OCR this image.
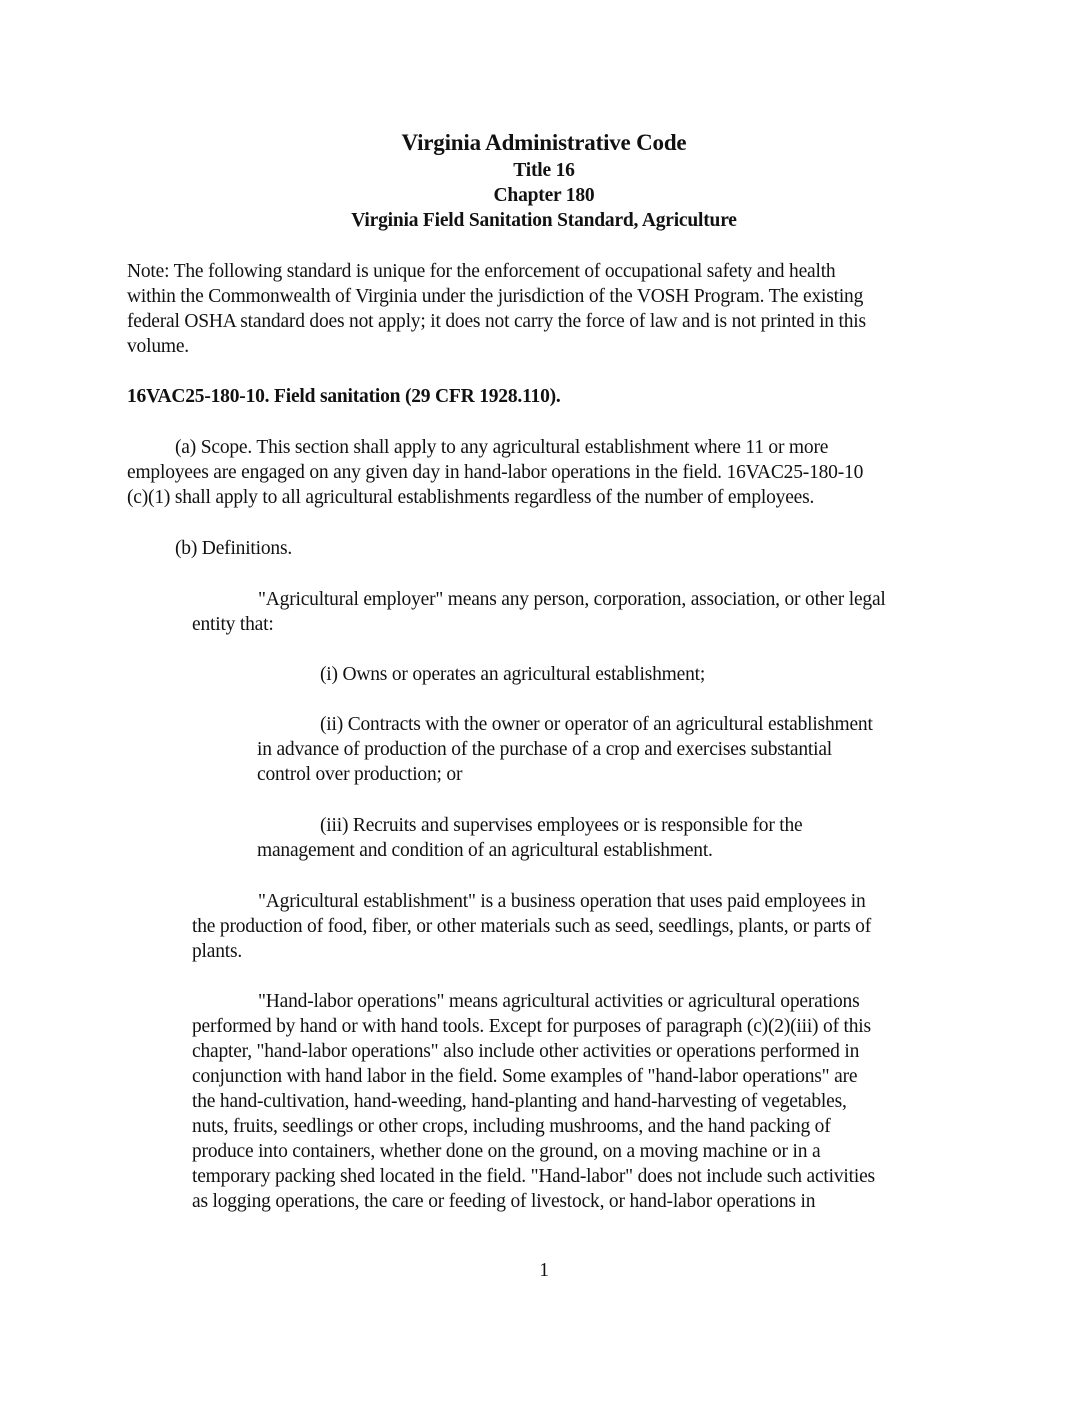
Virginia Administrative Code
Title 16
Chapter 180
Virginia Field Sanitation Standard, Agriculture
Note: The following standard is unique for the enforcement of occupational safety and health
within the Commonwealth of Virginia under the jurisdiction of the VOSH Program. The existing
federal OSHA standard does not apply; it does not carry the force of law and is not printed in this
volume.
16VAC25-180-10. Field sanitation (29 CFR 1928.110).
(a) Scope. This section shall apply to any agricultural establishment where 11 or more
employees are engaged on any given day in hand-labor operations in the field. 16VAC25-180-10
(c)(1) shall apply to all agricultural establishments regardless of the number of employees.
(b) Definitions.
"Agricultural employer" means any person, corporation, association, or other legal
entity that:
(i) Owns or operates an agricultural establishment;
(ii) Contracts with the owner or operator of an agricultural establishment
in advance of production of the purchase of a crop and exercises substantial
control over production; or
(iii) Recruits and supervises employees or is responsible for the
management and condition of an agricultural establishment.
"Agricultural establishment" is a business operation that uses paid employees in
the production of food, fiber, or other materials such as seed, seedlings, plants, or parts of
plants.
"Hand-labor operations" means agricultural activities or agricultural operations
performed by hand or with hand tools. Except for purposes of paragraph (c)(2)(iii) of this
chapter, "hand-labor operations" also include other activities or operations performed in
conjunction with hand labor in the field. Some examples of "hand-labor operations" are
the hand-cultivation, hand-weeding, hand-planting and hand-harvesting of vegetables,
nuts, fruits, seedlings or other crops, including mushrooms, and the hand packing of
produce into containers, whether done on the ground, on a moving machine or in a
temporary packing shed located in the field. "Hand-labor" does not include such activities
as logging operations, the care or feeding of livestock, or hand-labor operations in
1
